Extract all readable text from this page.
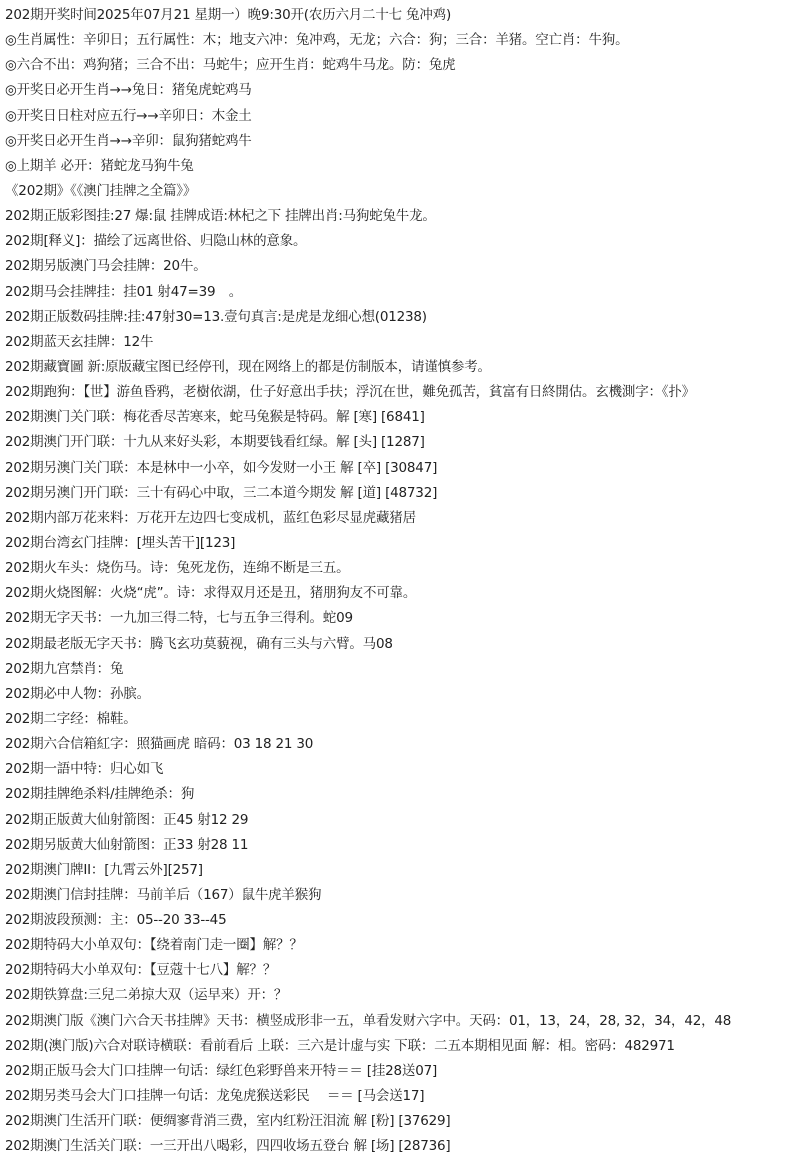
202期开奖时间2025年07月21 星期一）晚9:30开(农历六月二十七 兔冲鸡)
◎生肖属性：辛卯日；五行属性：木；地支六冲：兔冲鸡，无龙；六合：狗；三合：羊猪。空亡肖：牛狗。
◎六合不出：鸡狗猪；三合不出：马蛇牛；应开生肖：蛇鸡牛马龙。防：兔虎
◎开奖日必开生肖→→兔日：猪兔虎蛇鸡马
◎开奖日日柱对应五行→→辛卯日：木金土
◎开奖日必开生肖→→辛卯：鼠狗猪蛇鸡牛
◎上期羊 必开：猪蛇龙马狗牛兔
《202期》《《澳门挂牌之全篇》》
202期正版彩图挂:27 爆:鼠 挂牌成语:林杞之下 挂牌出肖:马狗蛇兔牛龙。
202期[释义]：描绘了远离世俗、归隐山林的意象。
202期另版澳门马会挂牌：20牛。
202期马会挂牌挂：挂01 射47=39　。
202期正版数码挂牌:挂:47射30=13.壹句真言:是虎是龙细心想(01238)
202期蓝天玄挂牌：12牛
202期藏寶圖 新:原版藏宝图已经停刊，现在网络上的都是仿制版本，请谨慎参考。
202期跑狗：【世】游鱼昏鸦，老樹依湖，仕子好意出手扶；浮沉在世，難免孤苦，貧富有日終開估。玄機測字：《扑》
202期澳门关门联：梅花香尽苦寒来，蛇马兔猴是特码。解 [寒] [6841]
202期澳门开门联：十九从来好头彩，本期要钱看红绿。解 [头] [1287]
202期另澳门关门联：本是林中一小卒，如今发财一小王 解 [卒] [30847]
202期另澳门开门联：三十有码心中取，三二本道今期发 解 [道] [48732]
202期内部万花来料：万花开左边四七变成机，蓝红色彩尽显虎藏猪居
202期台湾玄门挂牌：[埋头苦干][123]
202期火车头：烧伤马。诗：兔死龙伤，连绵不断是三五。
202期火烧图解：火烧“虎”。诗：求得双月还是丑，猪朋狗友不可靠。
202期无字天书：一九加三得二特，七与五争三得利。蛇09
202期最老版无字天书：腾飞玄功莫藐视，确有三头与六臂。马08
202期九宫禁肖：兔
202期必中人物：孙膑。
202期二字经：棉鞋。
202期六合信箱紅字：照猫画虎 暗码：03 18 21 30
202期一語中特：归心如飞
202期挂牌绝杀料/挂牌绝杀：狗
202期正版黄大仙射箭图：正45 射12 29
202期另版黄大仙射箭图：正33 射28 11
202期澳门牌II：[九霄云外][257]
202期澳门信封挂牌：马前羊后（167）鼠牛虎羊猴狗
202期波段预测：主：05--20 33--45
202期特码大小单双句：【绕着南门走一圈】解？？
202期特码大小单双句：【豆蔻十七八】解？？
202期铁算盘:三兒二弟掠大双（运早来）开：？
202期澳门版《澳门六合天书挂牌》天书：横竖成形非一五，单看发财六字中。天码：01，13，24，28, 32，34，42，48
202期(澳门版)六合对联诗横联：看前看后 上联：三六是计虚与实 下联：二五本期相见面 解：相。密码：482971
202期正版马会大门口挂牌一句话：绿红色彩野兽来开特＝＝ [挂28送07]
202期另类马会大门口挂牌一句话：龙兔虎猴送彩民　 ＝＝ [马会送17]
202期澳门生活开门联：便绸寥背消三费，室内红粉汪泪流 解 [粉] [37629]
202期澳门生活关门联：一三开出八喝彩，四四收场五登台 解 [场] [28736]
